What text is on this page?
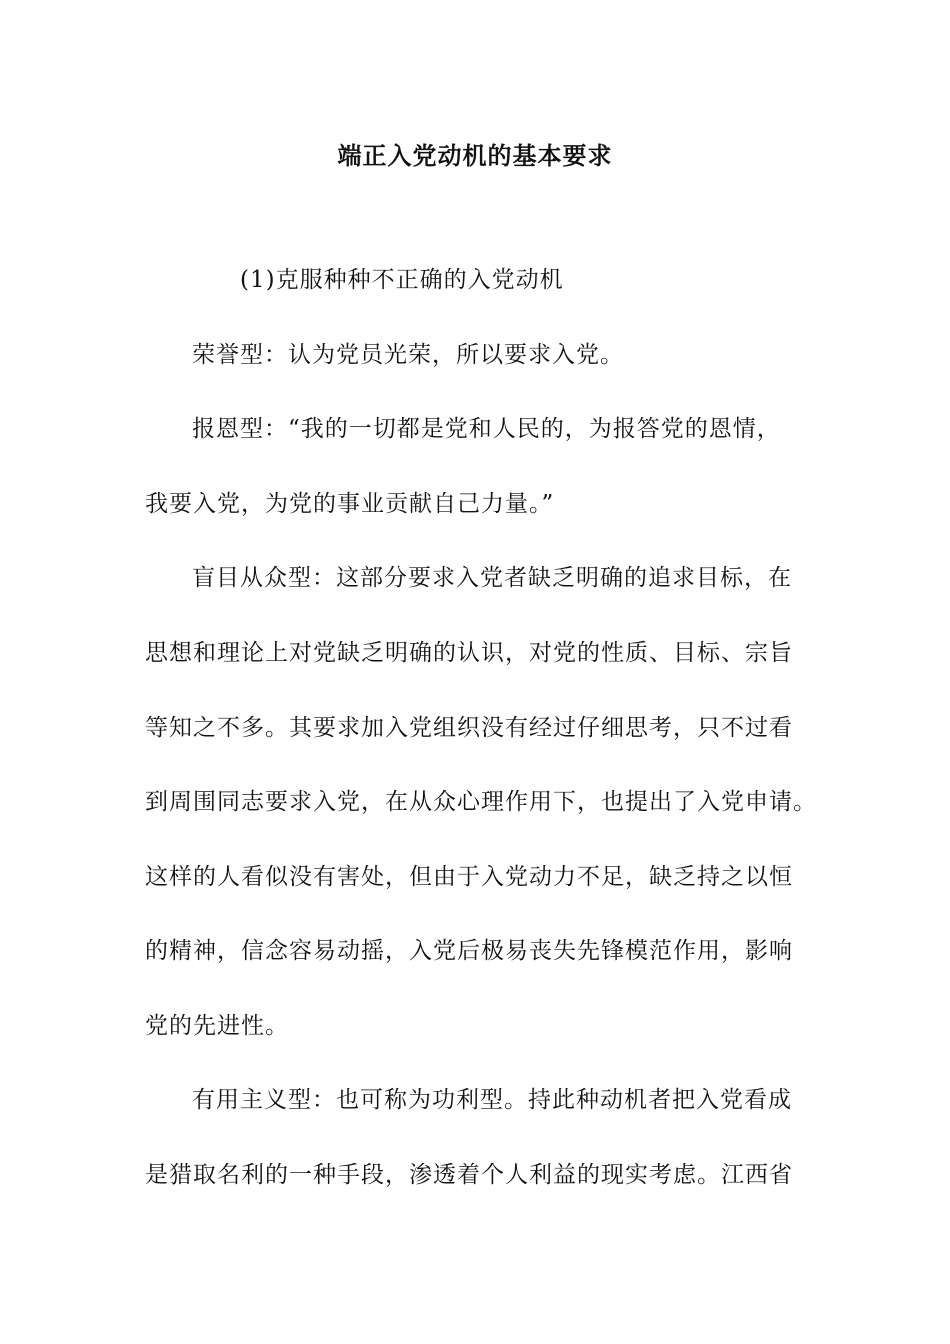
端正入党动机的基本要求
(1)克服种种不正确的入党动机
荣誉型：认为党员光荣，所以要求入党。
报恩型：“我的一切都是党和人民的，为报答党的恩情，
我要入党，为党的事业贡献自己力量。”
盲目从众型：这部分要求入党者缺乏明确的追求目标，在
思想和理论上对党缺乏明确的认识，对党的性质、目标、宗旨
等知之不多。其要求加入党组织没有经过仔细思考，只不过看
到周围同志要求入党，在从众心理作用下，也提出了入党申请。
这样的人看似没有害处，但由于入党动力不足，缺乏持之以恒
的精神，信念容易动摇，入党后极易丧失先锋模范作用，影响
党的先进性。
有用主义型：也可称为功利型。持此种动机者把入党看成
是猎取名利的一种手段，渗透着个人利益的现实考虑。江西省
